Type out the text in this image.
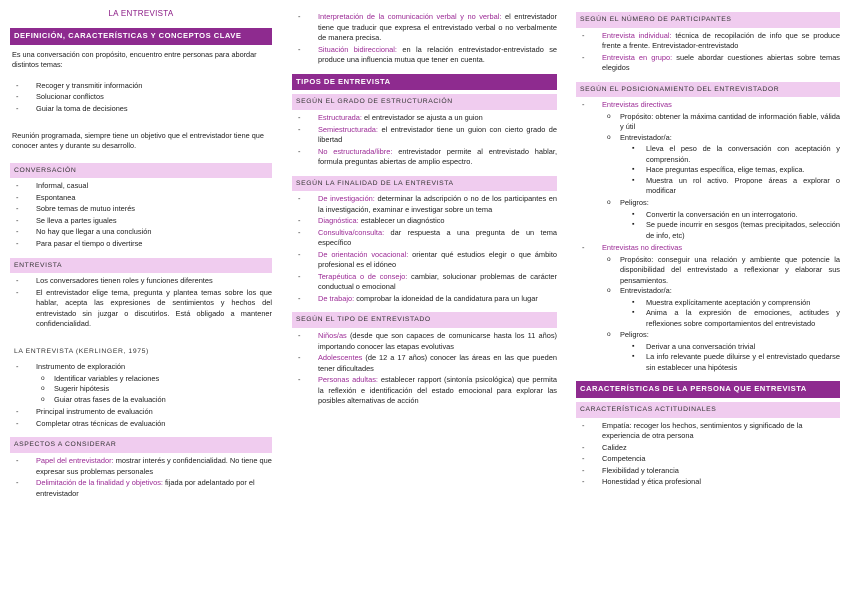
LA ENTREVISTA
DEFINICIÓN, CARACTERÍSTICAS Y CONCEPTOS CLAVE
Es una conversación con propósito, encuentro entre personas para abordar distintos temas:
- Recoger y transmitir información
- Solucionar conflictos
- Guiar la toma de decisiones
Reunión programada, siempre tiene un objetivo que el entrevistador tiene que conocer antes y durante su desarrollo.
CONVERSACIÓN
- Informal, casual
- Espontanea
- Sobre temas de mutuo interés
- Se lleva a partes iguales
- No hay que llegar a una conclusión
- Para pasar el tiempo o divertirse
ENTREVISTA
- Los conversadores tienen roles y funciones diferentes
- El entrevistador elige tema, pregunta y plantea temas sobre los que hablar, acepta las expresiones de sentimientos y hechos del entrevistado sin juzgar o discutirlos. Está obligado a mantener confidencialidad.
LA ENTREVISTA (KERLINGER, 1975)
- Instrumento de exploración
o Identificar variables y relaciones
o Sugerir hipótesis
o Guiar otras fases de la evaluación
- Principal instrumento de evaluación
- Completar otras técnicas de evaluación
ASPECTOS A CONSIDERAR
- Papel del entrevistador: mostrar interés y confidencialidad. No tiene que expresar sus problemas personales
- Delimitación de la finalidad y objetivos: fijada por adelantado por el entrevistador
- Interpretación de la comunicación verbal y no verbal: el entrevistador tiene que traducir que expresa el entrevistado verbal o no verbalmente de manera precisa.
- Situación bidireccional: en la relación entrevistador-entrevistado se produce una influencia mutua que tener en cuenta.
TIPOS DE ENTREVISTA
SEGÚN EL GRADO DE ESTRUCTURACIÓN
- Estructurada: el entrevistador se ajusta a un guion
- Semiestructurada: el entrevistador tiene un guion con cierto grado de libertad
- No estructurada/libre: entrevistador permite al entrevistado hablar, formula preguntas abiertas de amplio espectro.
SEGÚN LA FINALIDAD DE LA ENTREVISTA
- De investigación: determinar la adscripción o no de los participantes en la investigación, examinar e investigar sobre un tema
- Diagnóstica: establecer un diagnóstico
- Consultiva/consulta: dar respuesta a una pregunta de un tema específico
- De orientación vocacional: orientar qué estudios elegir o que ámbito profesional es el idóneo
- Terapéutica o de consejo: cambiar, solucionar problemas de carácter conductual o emocional
- De trabajo: comprobar la idoneidad de la candidatura para un lugar
SEGÚN EL TIPO DE ENTREVISTADO
- Niños/as (desde que son capaces de comunicarse hasta los 11 años) importando conocer las etapas evolutivas
- Adolescentes (de 12 a 17 años) conocer las áreas en las que pueden tener dificultades
- Personas adultas: establecer rapport (sintonía psicológica) que permita la reflexión e identificación del estado emocional para explorar las posibles alternativas de acción
SEGÚN EL NÚMERO DE PARTICIPANTES
- Entrevista individual: técnica de recopilación de info que se produce frente a frente. Entrevistador-entrevistado
- Entrevista en grupo: suele abordar cuestiones abiertas sobre temas elegidos
SEGÚN EL POSICIONAMIENTO DEL ENTREVISTADOR
- Entrevistas directivas
o Propósito: obtener la máxima cantidad de información fiable, válida y útil
o Entrevistador/a:
▪ Lleva el peso de la conversación con aceptación y comprensión.
▪ Hace preguntas específica, elige temas, explica.
▪ Muestra un rol activo. Propone áreas a explorar o modificar
o Peligros:
▪ Convertir la conversación en un interrogatorio.
▪ Se puede incurrir en sesgos (temas precipitados, selección de info, etc)
- Entrevistas no directivas
o Propósito: conseguir una relación y ambiente que potencie la disponibilidad del entrevistado a reflexionar y elaborar sus pensamientos.
o Entrevistador/a:
▪ Muestra explícitamente aceptación y comprensión
▪ Anima a la expresión de emociones, actitudes y reflexiones sobre comportamientos del entrevistado
o Peligros:
▪ Derivar a una conversación trivial
▪ La info relevante puede diluirse y el entrevistado quedarse sin establecer una hipótesis
CARACTERÍSTICAS DE LA PERSONA QUE ENTREVISTA
CARACTERÍSTICAS ACTITUDINALES
- Empatía: recoger los hechos, sentimientos y significado de la experiencia de otra persona
- Calidez
- Competencia
- Flexibilidad y tolerancia
- Honestidad y ética profesional
